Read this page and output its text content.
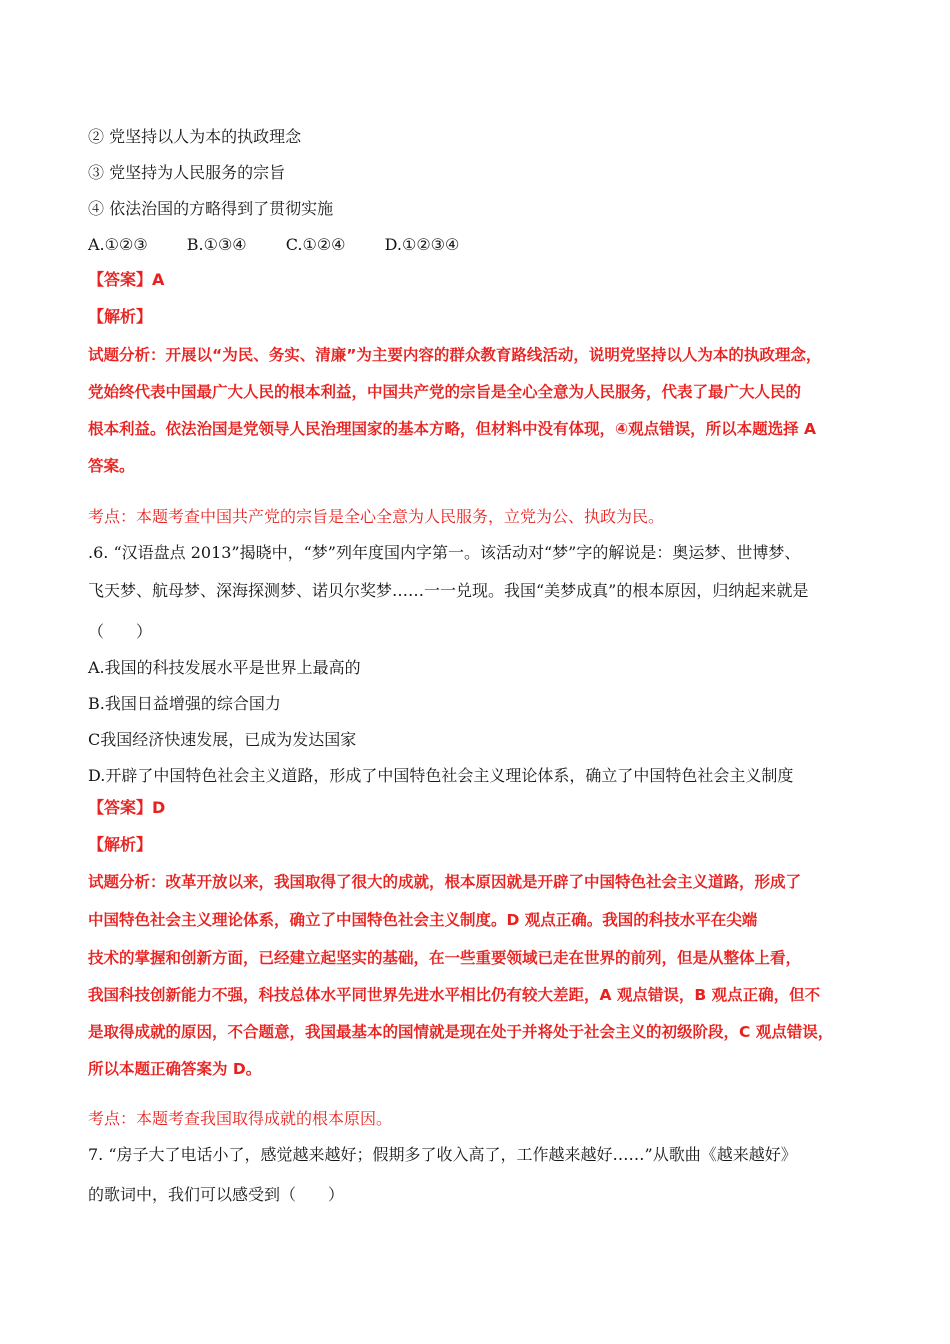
② 党坚持以人为本的执政理念
③ 党坚持为人民服务的宗旨
④ 依法治国的方略得到了贯彻实施
A.①②③ B.①③④ C.①②④ D.①②③④
【答案】A
【解析】
试题分析：开展以“为民、务实、清廉”为主要内容的群众教育路线活动，说明党坚持以人为本的执政理念，
党始终代表中国最广大人民的根本利益，中国共产党的宗旨是全心全意为人民服务，代表了最广大人民的
根本利益。依法治国是党领导人民治理国家的基本方略，但材料中没有体现，④观点错误，所以本题选择 A
答案。
考点：本题考查中国共产党的宗旨是全心全意为人民服务，立党为公、执政为民。
.6. “汉语盘点 2013”揭晓中，“梦”列年度国内字第一。该活动对“梦”字的解说是：奥运梦、世博梦、
飞天梦、航母梦、深海探测梦、诺贝尔奖梦……一一兑现。我国“美梦成真”的根本原因，归纳起来就是
（　　）
A.我国的科技发展水平是世界上最高的
B.我国日益增强的综合国力
C我国经济快速发展，已成为发达国家
D.开辟了中国特色社会主义道路，形成了中国特色社会主义理论体系，确立了中国特色社会主义制度
【答案】D
【解析】
试题分析：改革开放以来，我国取得了很大的成就，根本原因就是开辟了中国特色社会主义道路，形成了
中国特色社会主义理论体系，确立了中国特色社会主义制度。D 观点正确。我国的科技水平在尖端
技术的掌握和创新方面，已经建立起坚实的基础，在一些重要领域已走在世界的前列，但是从整体上看，
我国科技创新能力不强，科技总体水平同世界先进水平相比仍有较大差距，A 观点错误，B 观点正确，但不
是取得成就的原因，不合题意，我国最基本的国情就是现在处于并将处于社会主义的初级阶段，C 观点错误，
所以本题正确答案为 D。
考点：本题考查我国取得成就的根本原因。
7. “房子大了电话小了，感觉越来越好；假期多了收入高了，工作越来越好……”从歌曲《越来越好》
的歌词中，我们可以感受到（　　）
